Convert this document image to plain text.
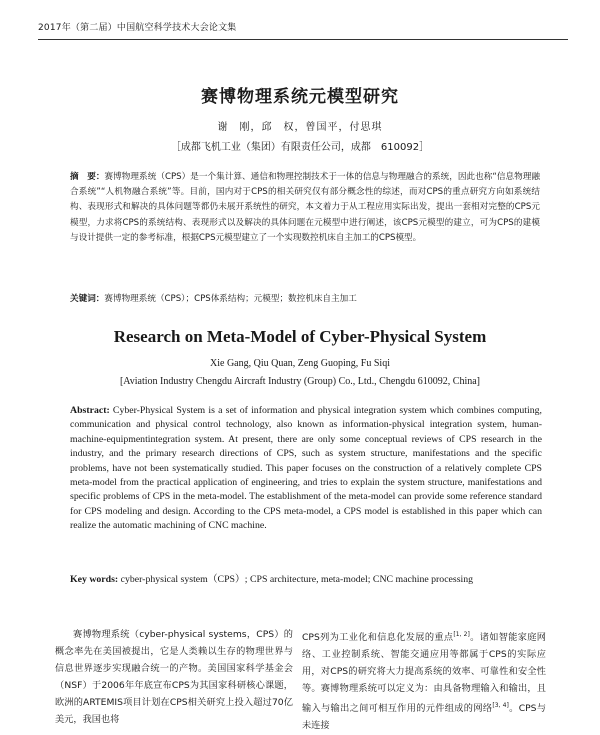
2017年（第二届）中国航空科学技术大会论文集
赛博物理系统元模型研究
谢　刚，邱　权，曾国平，付思琪
［成都飞机工业（集团）有限责任公司，成都　610092］
摘　要：赛博物理系统（CPS）是一个集计算、通信和物理控制技术于一体的信息与物理融合的系统，因此也称“信息物理融合系统”“人机物融合系统”等。目前，国内对于CPS的相关研究仅有部分概念性的综述，而对CPS的重点研究方向如系统结构、表现形式和解决的具体问题等都仍未展开系统性的研究，本文着力于从工程应用实际出发，提出一套相对完整的CPS元模型，力求将CPS的系统结构、表现形式以及解决的具体问题在元模型中进行阐述，该CPS元模型的建立，可为CPS的建模与设计提供一定的参考标准，根据CPS元模型建立了一个实现数控机床自主加工的CPS模型。
关键词：赛博物理系统（CPS）；CPS体系结构；元模型；数控机床自主加工
Research on Meta-Model of Cyber-Physical System
Xie Gang, Qiu Quan, Zeng Guoping, Fu Siqi
[Aviation Industry Chengdu Aircraft Industry (Group) Co., Ltd., Chengdu 610092, China]
Abstract: Cyber-Physical System is a set of information and physical integration system which combines computing, communication and physical control technology, also known as information-physical integration system, human-machine-equipmentintegration system. At present, there are only some conceptual reviews of CPS research in the industry, and the primary research directions of CPS, such as system structure, manifestations and the specific problems, have not been systematically studied. This paper focuses on the construction of a relatively complete CPS meta-model from the practical application of engineering, and tries to explain the system structure, manifestations and specific problems of CPS in the meta-model. The establishment of the meta-model can provide some reference standard for CPS modeling and design. According to the CPS meta-model, a CPS model is established in this paper which can realize the automatic machining of CNC machine.
Key words: cyber-physical system（CPS）; CPS architecture, meta-model; CNC machine processing
赛博物理系统（cyber-physical systems，CPS）的概念率先在美国被提出，它是人类赖以生存的物理世界与信息世界逐步实现融合统一的产物。美国国家科学基金会（NSF）于2006年年底宣布CPS为其国家科研核心课题，欧洲的ARTEMIS项目计划在CPS相关研究上投入超过70亿美元，我国也将
CPS列为工业化和信息化发展的重点[1, 2]。诸如智能家庭网络、工业控制系统、智能交通应用等都属于CPS的实际应用，对CPS的研究将大力提高系统的效率、可靠性和安全性等。赛博物理系统可以定义为：由具备物理输入和输出，且输入与输出之间可相互作用的元件组成的网络[3, 4]。CPS与未连接
